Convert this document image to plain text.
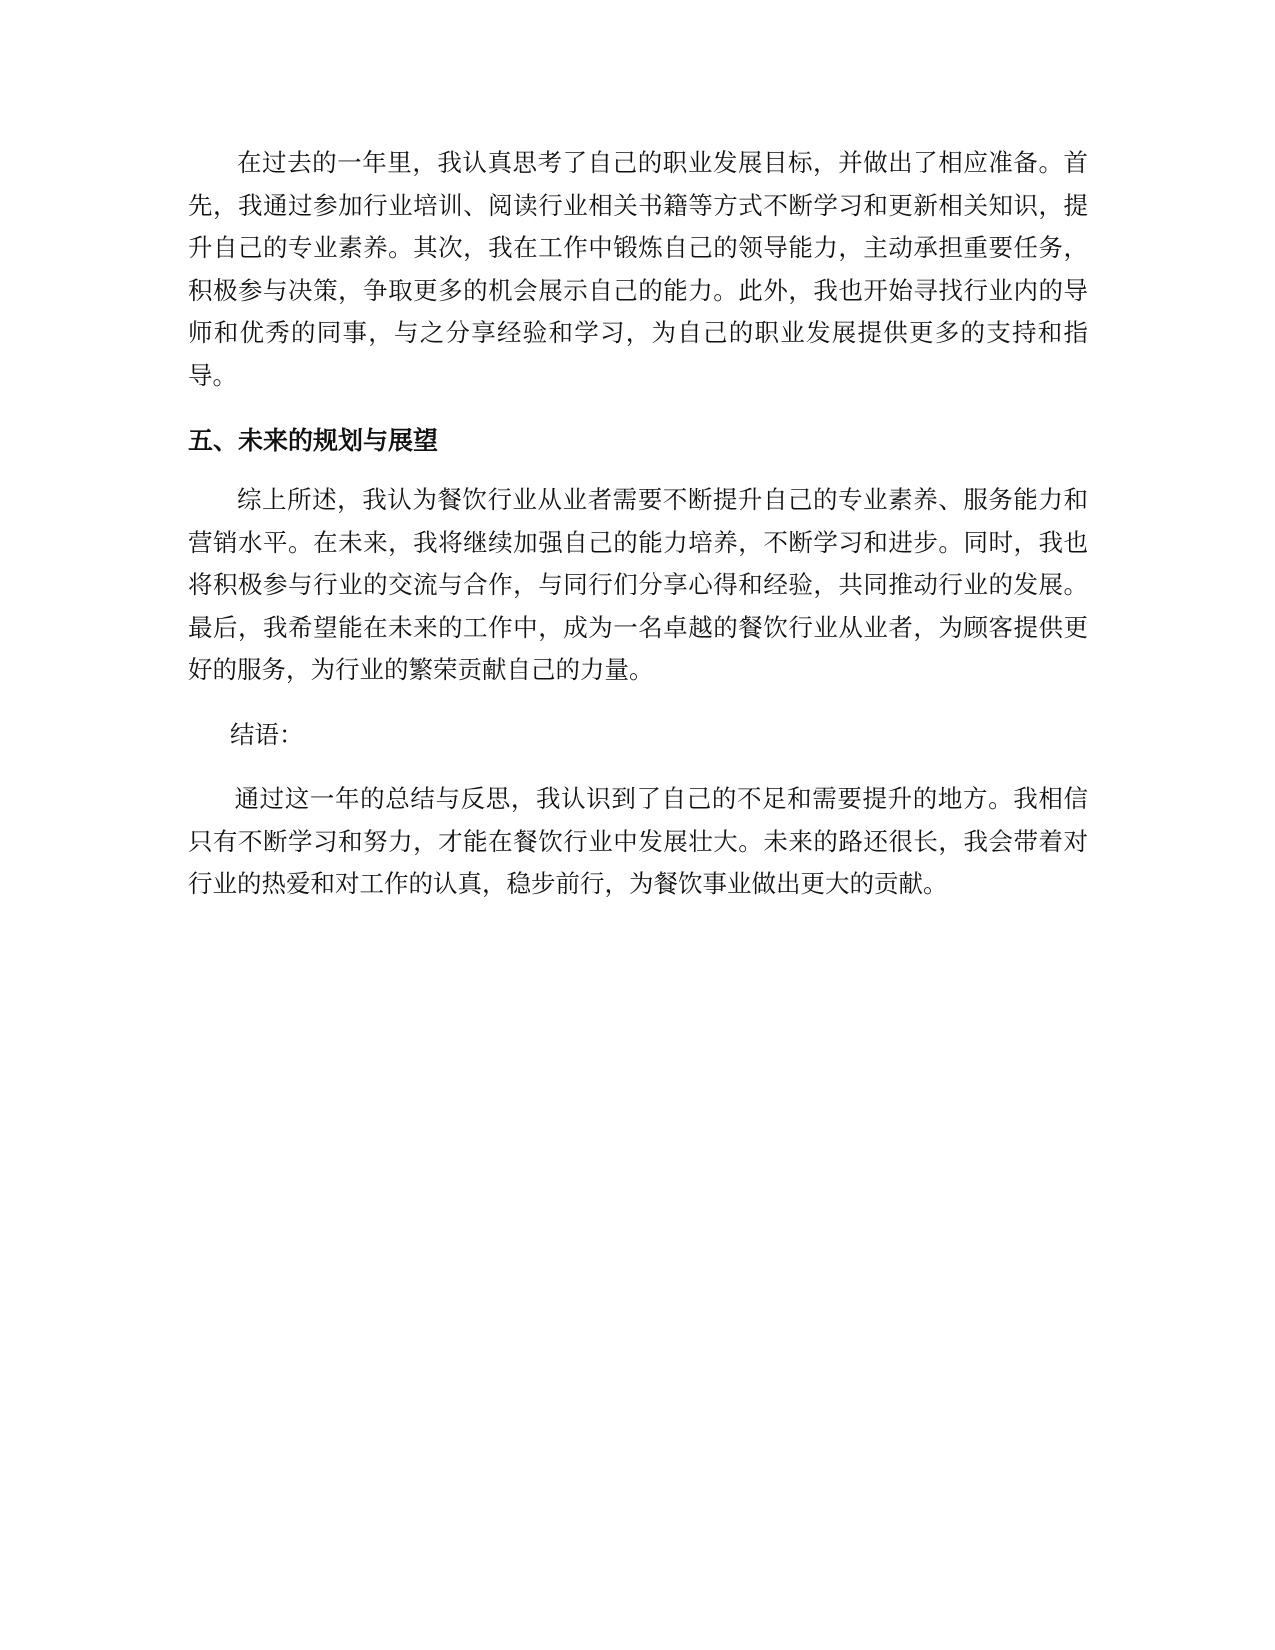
在过去的一年里，我认真思考了自己的职业发展目标，并做出了相应准备。首先，我通过参加行业培训、阅读行业相关书籍等方式不断学习和更新相关知识，提升自己的专业素养。其次，我在工作中锻炼自己的领导能力，主动承担重要任务，积极参与决策，争取更多的机会展示自己的能力。此外，我也开始寻找行业内的导师和优秀的同事，与之分享经验和学习，为自己的职业发展提供更多的支持和指导。

五、未来的规划与展望

综上所述，我认为餐饮行业从业者需要不断提升自己的专业素养、服务能力和营销水平。在未来，我将继续加强自己的能力培养，不断学习和进步。同时，我也将积极参与行业的交流与合作，与同行们分享心得和经验，共同推动行业的发展。最后，我希望能在未来的工作中，成为一名卓越的餐饮行业从业者，为顾客提供更好的服务，为行业的繁荣贡献自己的力量。

结语：

通过这一年的总结与反思，我认识到了自己的不足和需要提升的地方。我相信只有不断学习和努力，才能在餐饮行业中发展壮大。未来的路还很长，我会带着对行业的热爱和对工作的认真，稳步前行，为餐饮事业做出更大的贡献。
